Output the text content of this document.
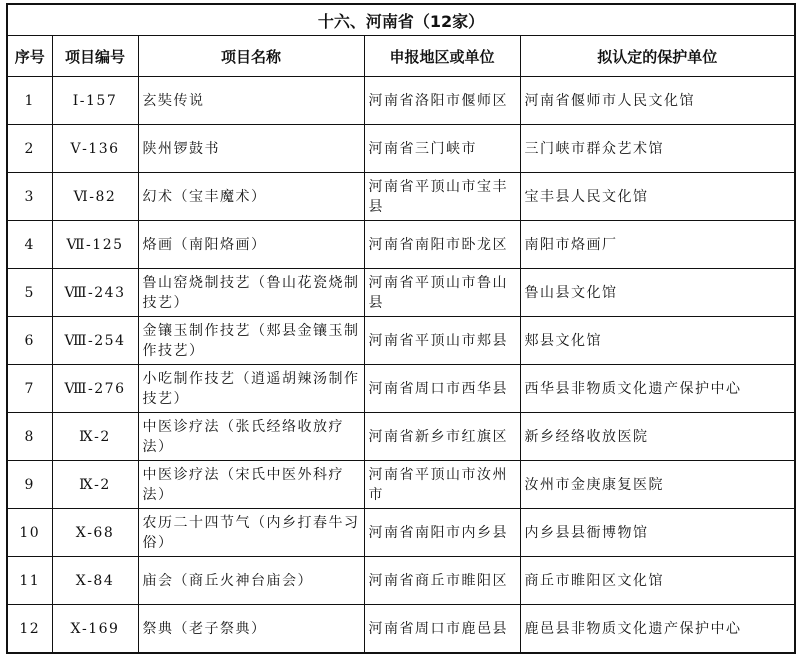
十六、河南省（12家）				
序号	项目编号	项目名称	申报地区或单位	拟认定的保护单位
1	Ⅰ-157	玄奘传说	河南省洛阳市偃师区	河南省偃师市人民文化馆
2	Ⅴ-136	陕州锣鼓书	河南省三门峡市	三门峡市群众艺术馆
3	Ⅵ-82	幻术（宝丰魔术）	河南省平顶山市宝丰县	宝丰县人民文化馆
4	Ⅶ-125	烙画（南阳烙画）	河南省南阳市卧龙区	南阳市烙画厂
5	Ⅷ-243	鲁山窑烧制技艺（鲁山花瓷烧制技艺）	河南省平顶山市鲁山县	鲁山县文化馆
6	Ⅷ-254	金镶玉制作技艺（郏县金镶玉制作技艺）	河南省平顶山市郏县	郏县文化馆
7	Ⅷ-276	小吃制作技艺（逍遥胡辣汤制作技艺）	河南省周口市西华县	西华县非物质文化遗产保护中心
8	Ⅸ-2	中医诊疗法（张氏经络收放疗法）	河南省新乡市红旗区	新乡经络收放医院
9	Ⅸ-2	中医诊疗法（宋氏中医外科疗法）	河南省平顶山市汝州市	汝州市金庚康复医院
10	Ⅹ-68	农历二十四节气（内乡打春牛习俗）	河南省南阳市内乡县	内乡县县衙博物馆
11	Ⅹ-84	庙会（商丘火神台庙会）	河南省商丘市睢阳区	商丘市睢阳区文化馆
12	Ⅹ-169	祭典（老子祭典）	河南省周口市鹿邑县	鹿邑县非物质文化遗产保护中心
